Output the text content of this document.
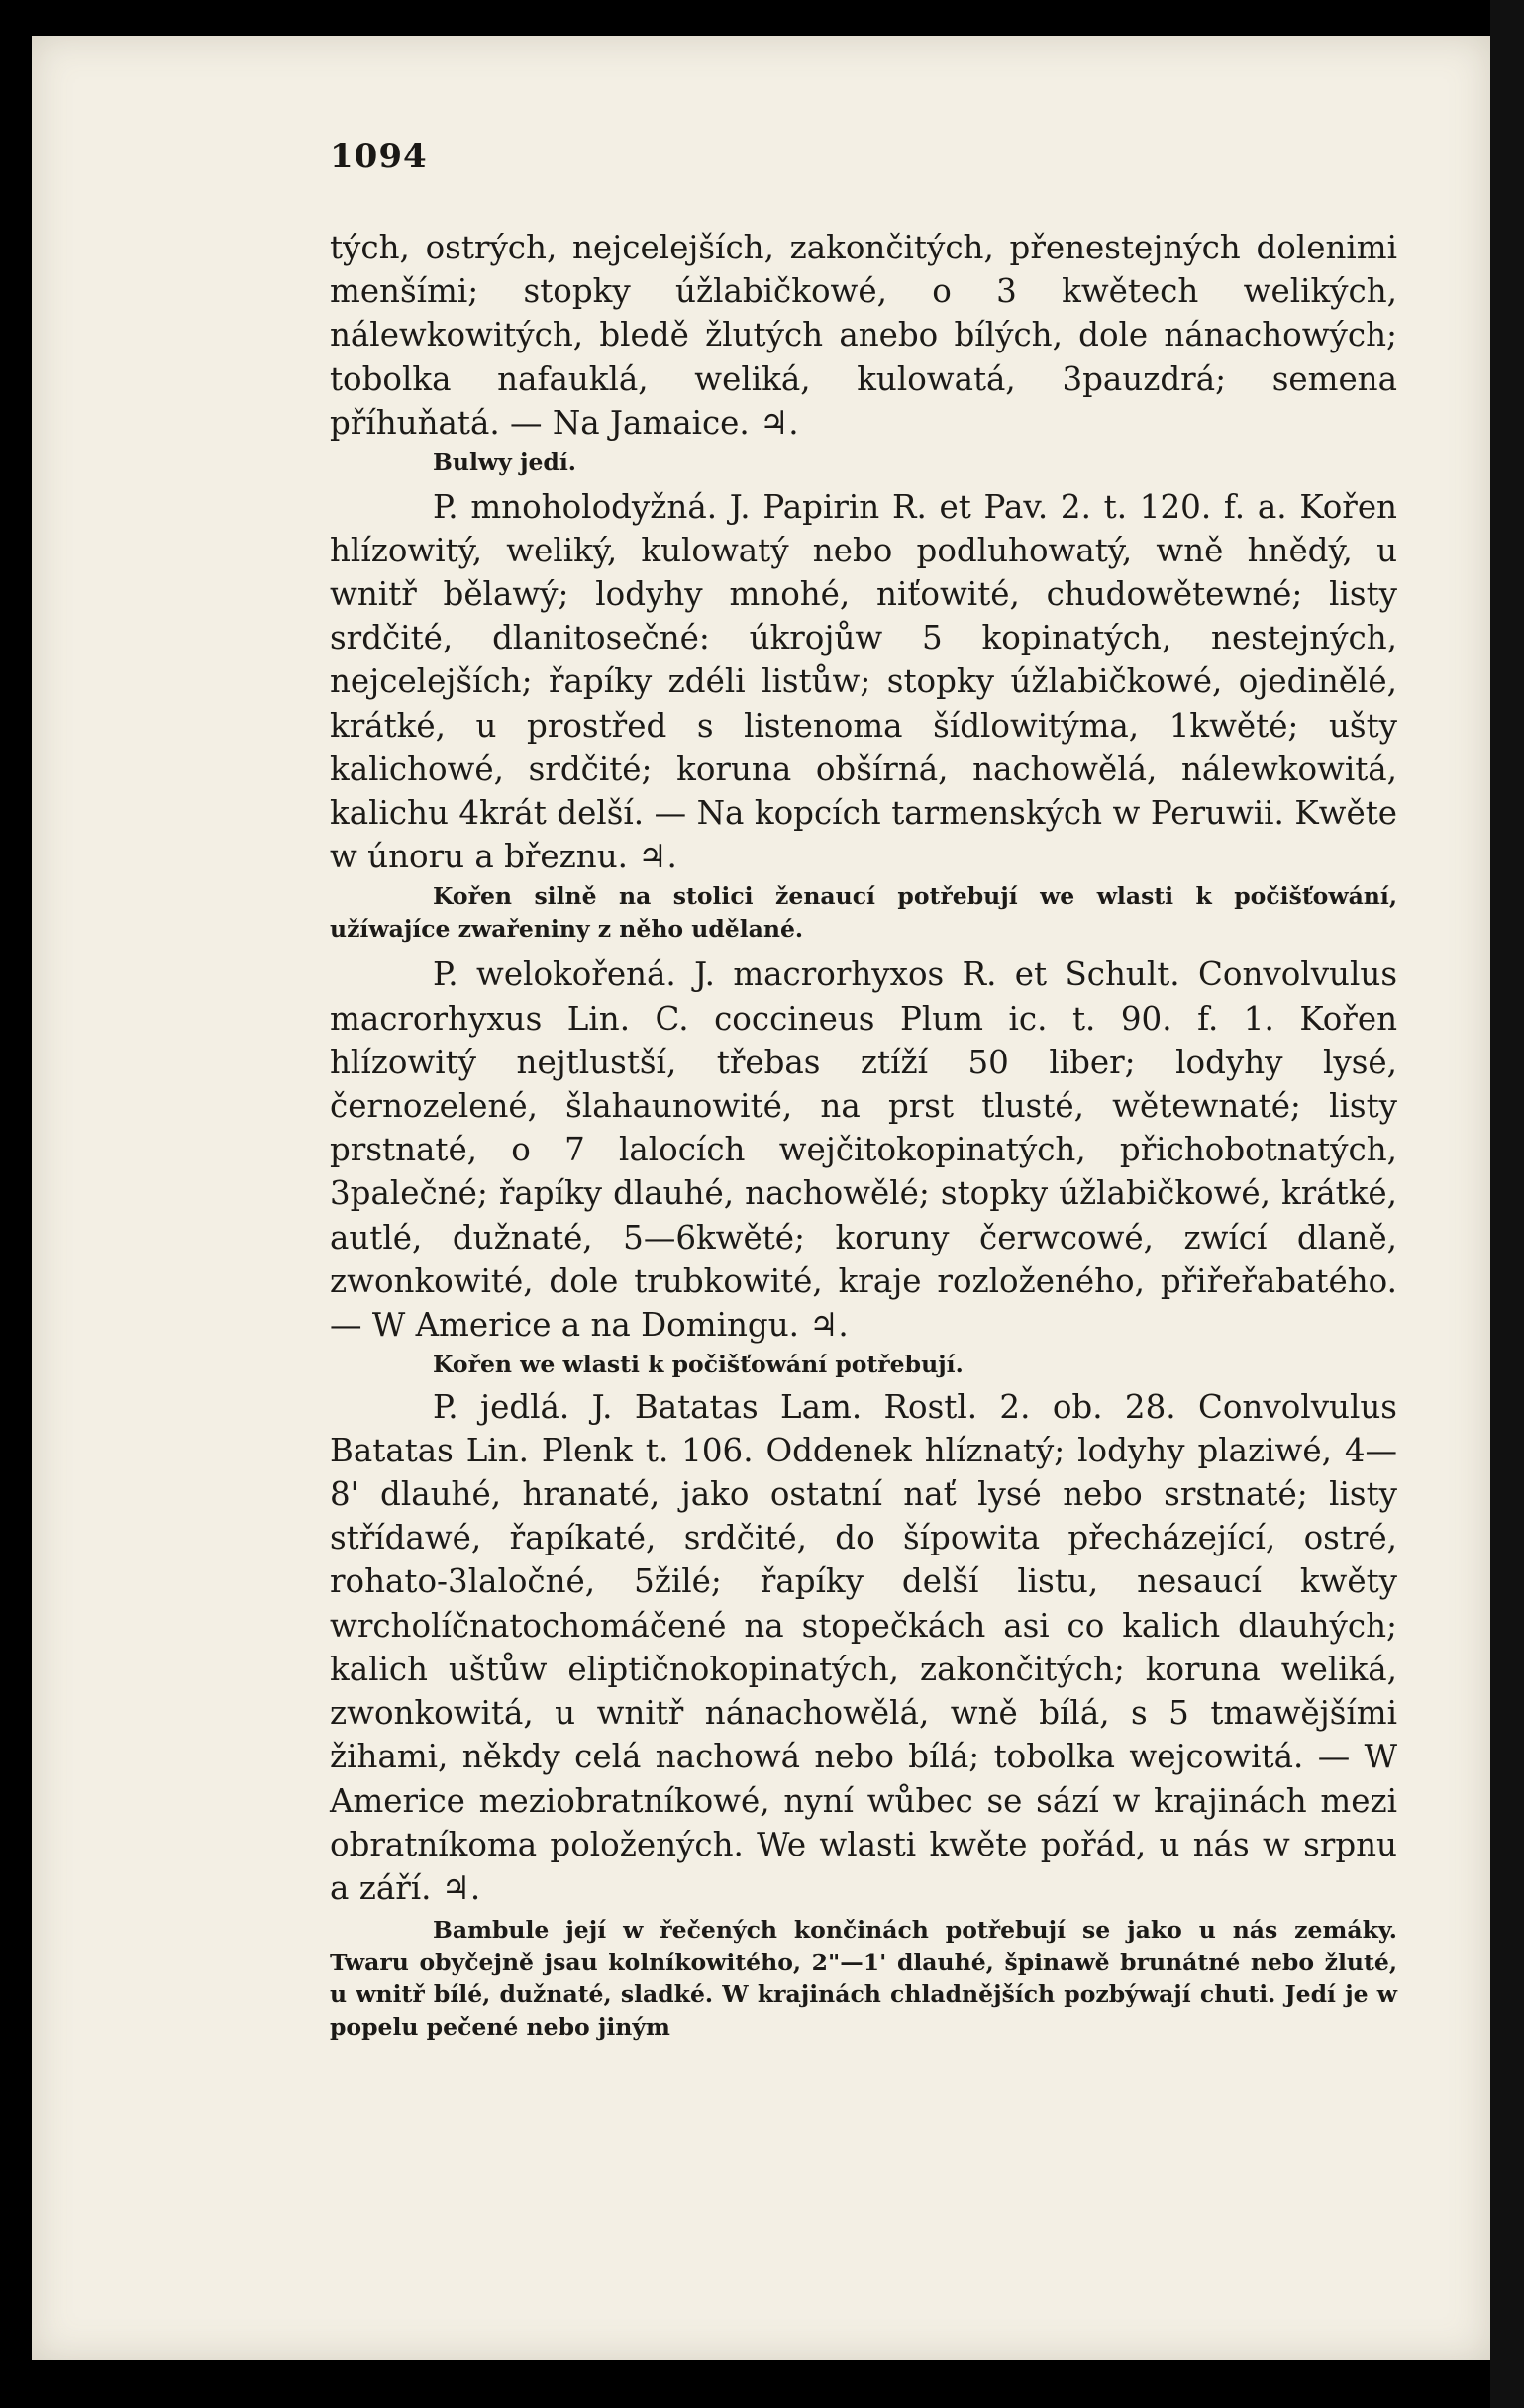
1094

tých, ostrých, nejcelejších, zakončitých, přenestejných dolenimi menšími; stopky úžlabičkowé, o 3 kwětech welikých, nálewkowitých, bledě žlutých anebo bílých, dole nánachowých; tobolka nafauklá, weliká, kulowatá, 3pauzdrá; semena příhuňatá. — Na Jamaice. ♃.

Bulwy jedí.

P. mnoholodyžná. J. Papirin R. et Pav. 2. t. 120. f. a. Kořen hlízowitý, weliký, kulowatý nebo podluhowatý, wně hnědý, u wnitř bělawý; lodyhy mnohé, niťowité, chudowětewné; listy srdčité, dlanitosečné: úkrojůw 5 kopinatých, nestejných, nejcelejších; řapíky zdéli listůw; stopky úžlabičkowé, ojedinělé, krátké, u prostřed s listenoma šídlowitýma, 1kwěté; ušty kalichowé, srdčité; koruna obšírná, nachowělá, nálewkowitá, kalichu 4krát delší. — Na kopcích tarmenských w Peruwii. Kwěte w únoru a březnu. ♃.

Kořen silně na stolici ženaucí potřebují we wlasti k počišťowání, užíwajíce zwařeniny z něho udělané.

P. welokořená. J. macrorhyxos R. et Schult. Convolvulus macrorhyxus Lin. C. coccineus Plum ic. t. 90. f. 1. Kořen hlízowitý nejtlustší, třebas ztíží 50 liber; lodyhy lysé, černozelené, šlahaunowité, na prst tlusté, wětewnaté; listy prstnaté, o 7 lalocích wejčitokopinatých, přichobotnatých, 3palečné; řapíky dlauhé, nachowělé; stopky úžlabičkowé, krátké, autlé, dužnaté, 5—6kwěté; koruny čerwcowé, zwící dlaně, zwonkowité, dole trubkowité, kraje rozloženého, přiřeřabatého. — W Americe a na Domingu. ♃.

Kořen we wlasti k počišťowání potřebují.

P. jedlá. J. Batatas Lam. Rostl. 2. ob. 28. Convolvulus Batatas Lin. Plenk t. 106. Oddenek hlíznatý; lodyhy plaziwé, 4—8' dlauhé, hranaté, jako ostatní nať lysé nebo srstnaté; listy střídawé, řapíkaté, srdčité, do šípowita přecházející, ostré, rohato-3laločné, 5žilé; řapíky delší listu, nesaucí kwěty wrcholíčnatochomáčené na stopečkách asi co kalich dlauhých; kalich uštůw eliptičnokopinatých, zakončitých; koruna weliká, zwonkowitá, u wnitř nánachowělá, wně bílá, s 5 tmawějšími žihami, někdy celá nachowá nebo bílá; tobolka wejcowitá. — W Americe meziobratníkowé, nyní wůbec se sází w krajinách mezi obratníkoma položených. We wlasti kwěte pořád, u nás w srpnu a září. ♃.

Bambule její w řečených končinách potřebují se jako u nás zemáky. Twaru obyčejně jsau kolníkowitého, 2"—1' dlauhé, špinawě brunátné nebo žluté, u wnitř bílé, dužnaté, sladké. W krajinách chladnějších pozbýwají chuti. Jedí je w popelu pečené nebo jiným
